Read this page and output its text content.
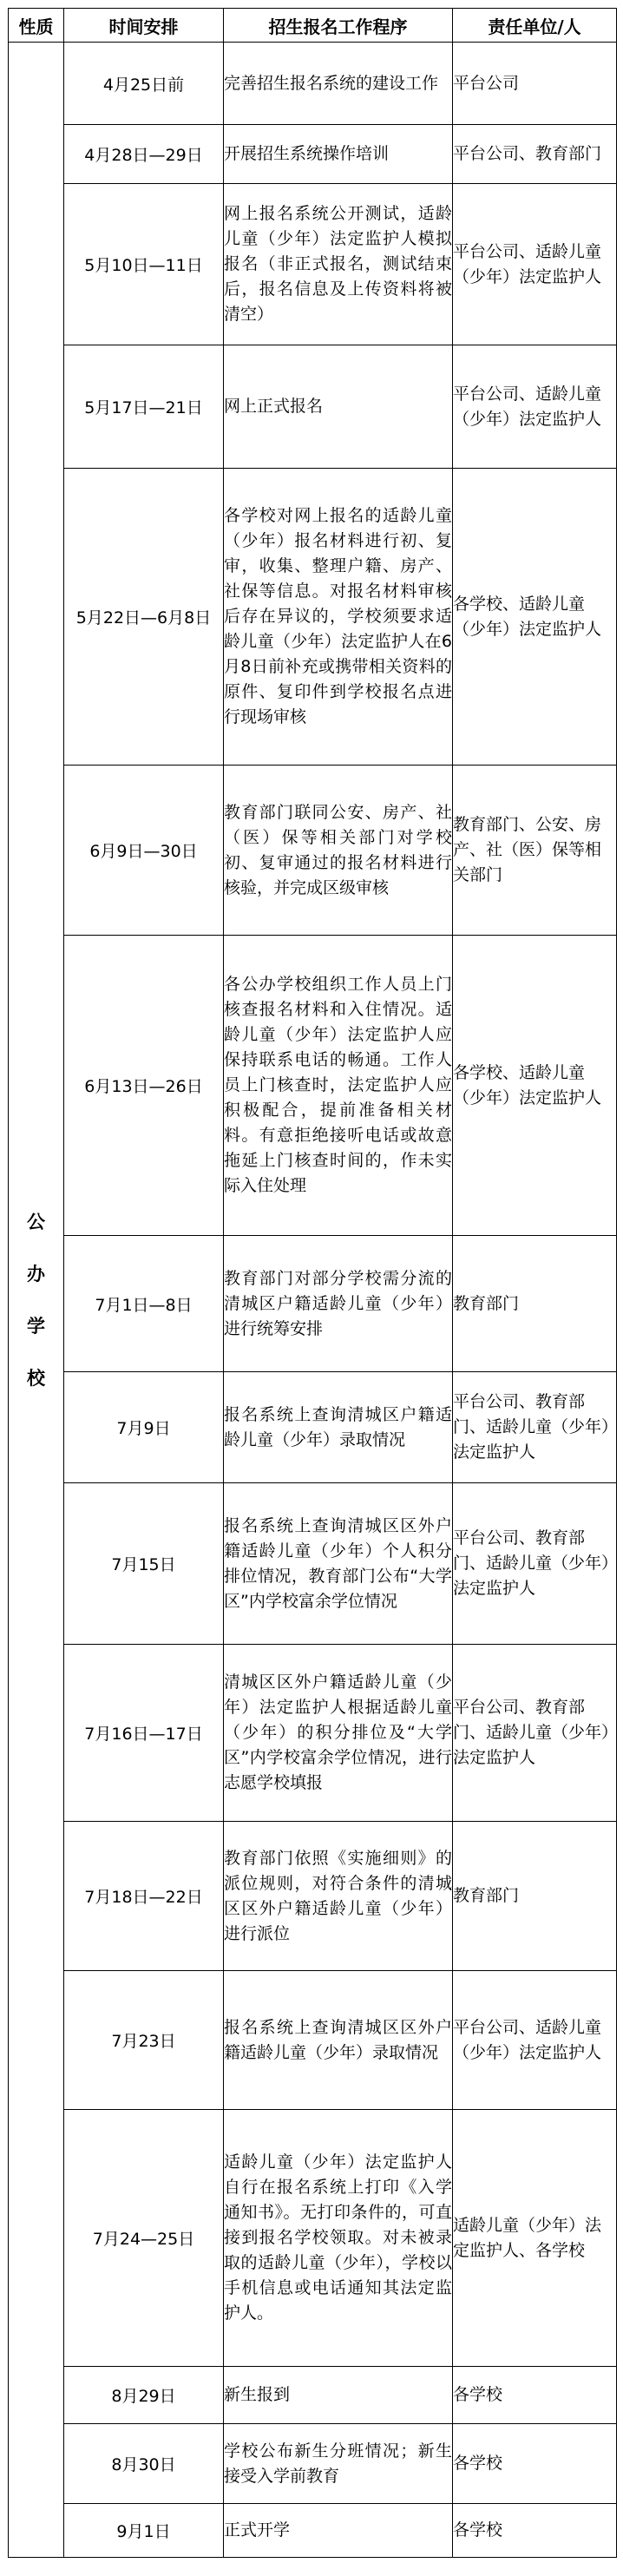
性质	时间安排	招生报名工作程序	责任单位/人

公
办
学
校	4月25日前	完善招生报名系统的建设工作	平台公司
	4月28日—29日	开展招生系统操作培训	平台公司、教育部门
	5月10日—11日	网上报名系统公开测试，适龄儿童（少年）法定监护人模拟报名（非正式报名，测试结束后，报名信息及上传资料将被清空）	平台公司、适龄儿童（少年）法定监护人
	5月17日—21日	网上正式报名	平台公司、适龄儿童（少年）法定监护人
	5月22日—6月8日	各学校对网上报名的适龄儿童（少年）报名材料进行初、复审，收集、整理户籍、房产、社保等信息。对报名材料审核后存在异议的，学校须要求适龄儿童（少年）法定监护人在6月8日前补充或携带相关资料的原件、复印件到学校报名点进行现场审核	各学校、适龄儿童（少年）法定监护人
	6月9日—30日	教育部门联同公安、房产、社（医）保等相关部门对学校初、复审通过的报名材料进行核验，并完成区级审核	教育部门、公安、房产、社（医）保等相关部门
	6月13日—26日	各公办学校组织工作人员上门核查报名材料和入住情况。适龄儿童（少年）法定监护人应保持联系电话的畅通。工作人员上门核查时，法定监护人应积极配合，提前准备相关材料。有意拒绝接听电话或故意拖延上门核查时间的，作未实际入住处理	各学校、适龄儿童（少年）法定监护人
	7月1日—8日	教育部门对部分学校需分流的清城区户籍适龄儿童（少年）进行统筹安排	教育部门
	7月9日	报名系统上查询清城区户籍适龄儿童（少年）录取情况	平台公司、教育部门、适龄儿童（少年）法定监护人
	7月15日	报名系统上查询清城区区外户籍适龄儿童（少年）个人积分排位情况，教育部门公布“大学区”内学校富余学位情况	平台公司、教育部门、适龄儿童（少年）法定监护人
	7月16日—17日	清城区区外户籍适龄儿童（少年）法定监护人根据适龄儿童（少年）的积分排位及“大学区”内学校富余学位情况，进行志愿学校填报	平台公司、教育部门、适龄儿童（少年）法定监护人
	7月18日—22日	教育部门依照《实施细则》的派位规则，对符合条件的清城区区外户籍适龄儿童（少年）进行派位	教育部门
	7月23日	报名系统上查询清城区区外户籍适龄儿童（少年）录取情况	平台公司、适龄儿童（少年）法定监护人
	7月24—25日	适龄儿童（少年）法定监护人自行在报名系统上打印《入学通知书》。无打印条件的，可直接到报名学校领取。对未被录取的适龄儿童（少年），学校以手机信息或电话通知其法定监护人。	适龄儿童（少年）法定监护人、各学校
	8月29日	新生报到	各学校
	8月30日	学校公布新生分班情况；新生接受入学前教育	各学校
	9月1日	正式开学	各学校
